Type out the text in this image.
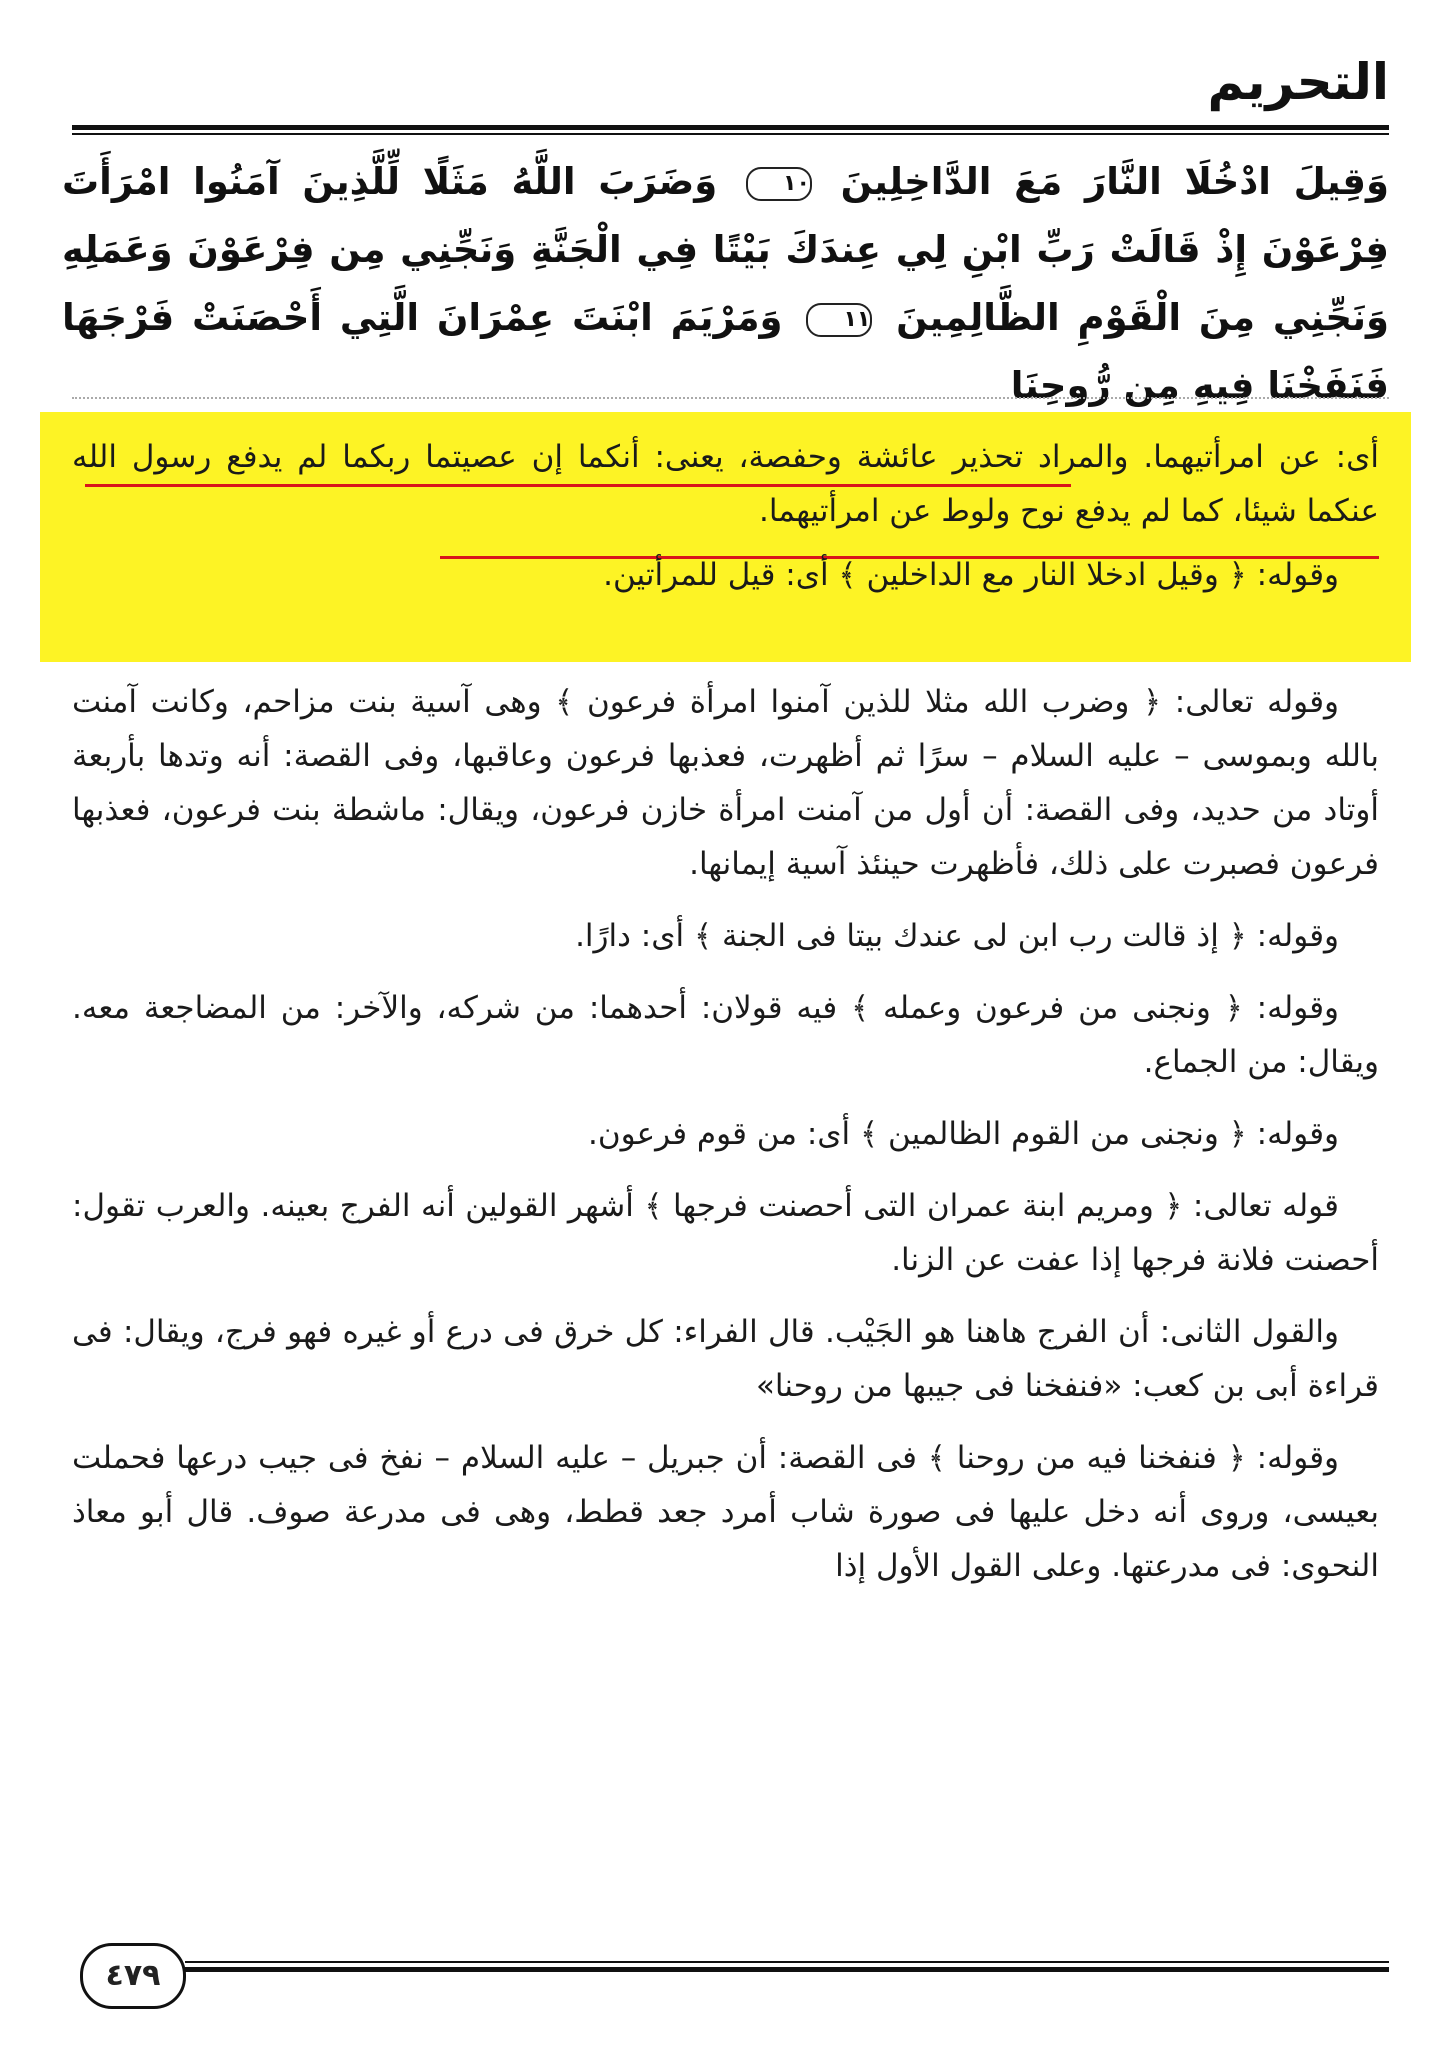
التحريم
وَقِيلَ ادْخُلَا النَّارَ مَعَ الدَّاخِلِينَ ١٠ وَضَرَبَ اللَّهُ مَثَلًا لِّلَّذِينَ آمَنُوا امْرَأَتَ فِرْعَوْنَ إِذْ قَالَتْ رَبِّ ابْنِ لِي عِندَكَ بَيْتًا فِي الْجَنَّةِ وَنَجِّنِي مِن فِرْعَوْنَ وَعَمَلِهِ وَنَجِّنِي مِنَ الْقَوْمِ الظَّالِمِينَ ١١ وَمَرْيَمَ ابْنَتَ عِمْرَانَ الَّتِي أَحْصَنَتْ فَرْجَهَا فَنَفَخْنَا فِيهِ مِن رُّوحِنَا
أى: عن امرأتيهما. والمراد تحذير عائشة وحفصة، يعنى: أنكما إن عصيتما ربكما لم يدفع رسول الله عنكما شيئا، كما لم يدفع نوح ولوط عن امرأتيهما.
وقوله: ﴿ وقيل ادخلا النار مع الداخلين ﴾ أى: قيل للمرأتين.
وقوله تعالى: ﴿ وضرب الله مثلا للذين آمنوا امرأة فرعون ﴾ وهى آسية بنت مزاحم، وكانت آمنت بالله وبموسى – عليه السلام – سرًا ثم أظهرت، فعذبها فرعون وعاقبها، وفى القصة: أنه وتدها بأربعة أوتاد من حديد، وفى القصة: أن أول من آمنت امرأة خازن فرعون، ويقال: ماشطة بنت فرعون، فعذبها فرعون فصبرت على ذلك، فأظهرت حينئذ آسية إيمانها.
وقوله: ﴿ إذ قالت رب ابن لى عندك بيتا فى الجنة ﴾ أى: دارًا.
وقوله: ﴿ ونجنى من فرعون وعمله ﴾ فيه قولان: أحدهما: من شركه، والآخر: من المضاجعة معه. ويقال: من الجماع.
وقوله: ﴿ ونجنى من القوم الظالمين ﴾ أى: من قوم فرعون.
قوله تعالى: ﴿ ومريم ابنة عمران التى أحصنت فرجها ﴾ أشهر القولين أنه الفرج بعينه. والعرب تقول: أحصنت فلانة فرجها إذا عفت عن الزنا.
والقول الثانى: أن الفرج هاهنا هو الجَيْب. قال الفراء: كل خرق فى درع أو غيره فهو فرج، ويقال: فى قراءة أبى بن كعب: «فنفخنا فى جيبها من روحنا»
وقوله: ﴿ فنفخنا فيه من روحنا ﴾ فى القصة: أن جبريل – عليه السلام – نفخ فى جيب درعها فحملت بعيسى، وروى أنه دخل عليها فى صورة شاب أمرد جعد قطط، وهى فى مدرعة صوف. قال أبو معاذ النحوى: فى مدرعتها. وعلى القول الأول إذا
٤٧٩
